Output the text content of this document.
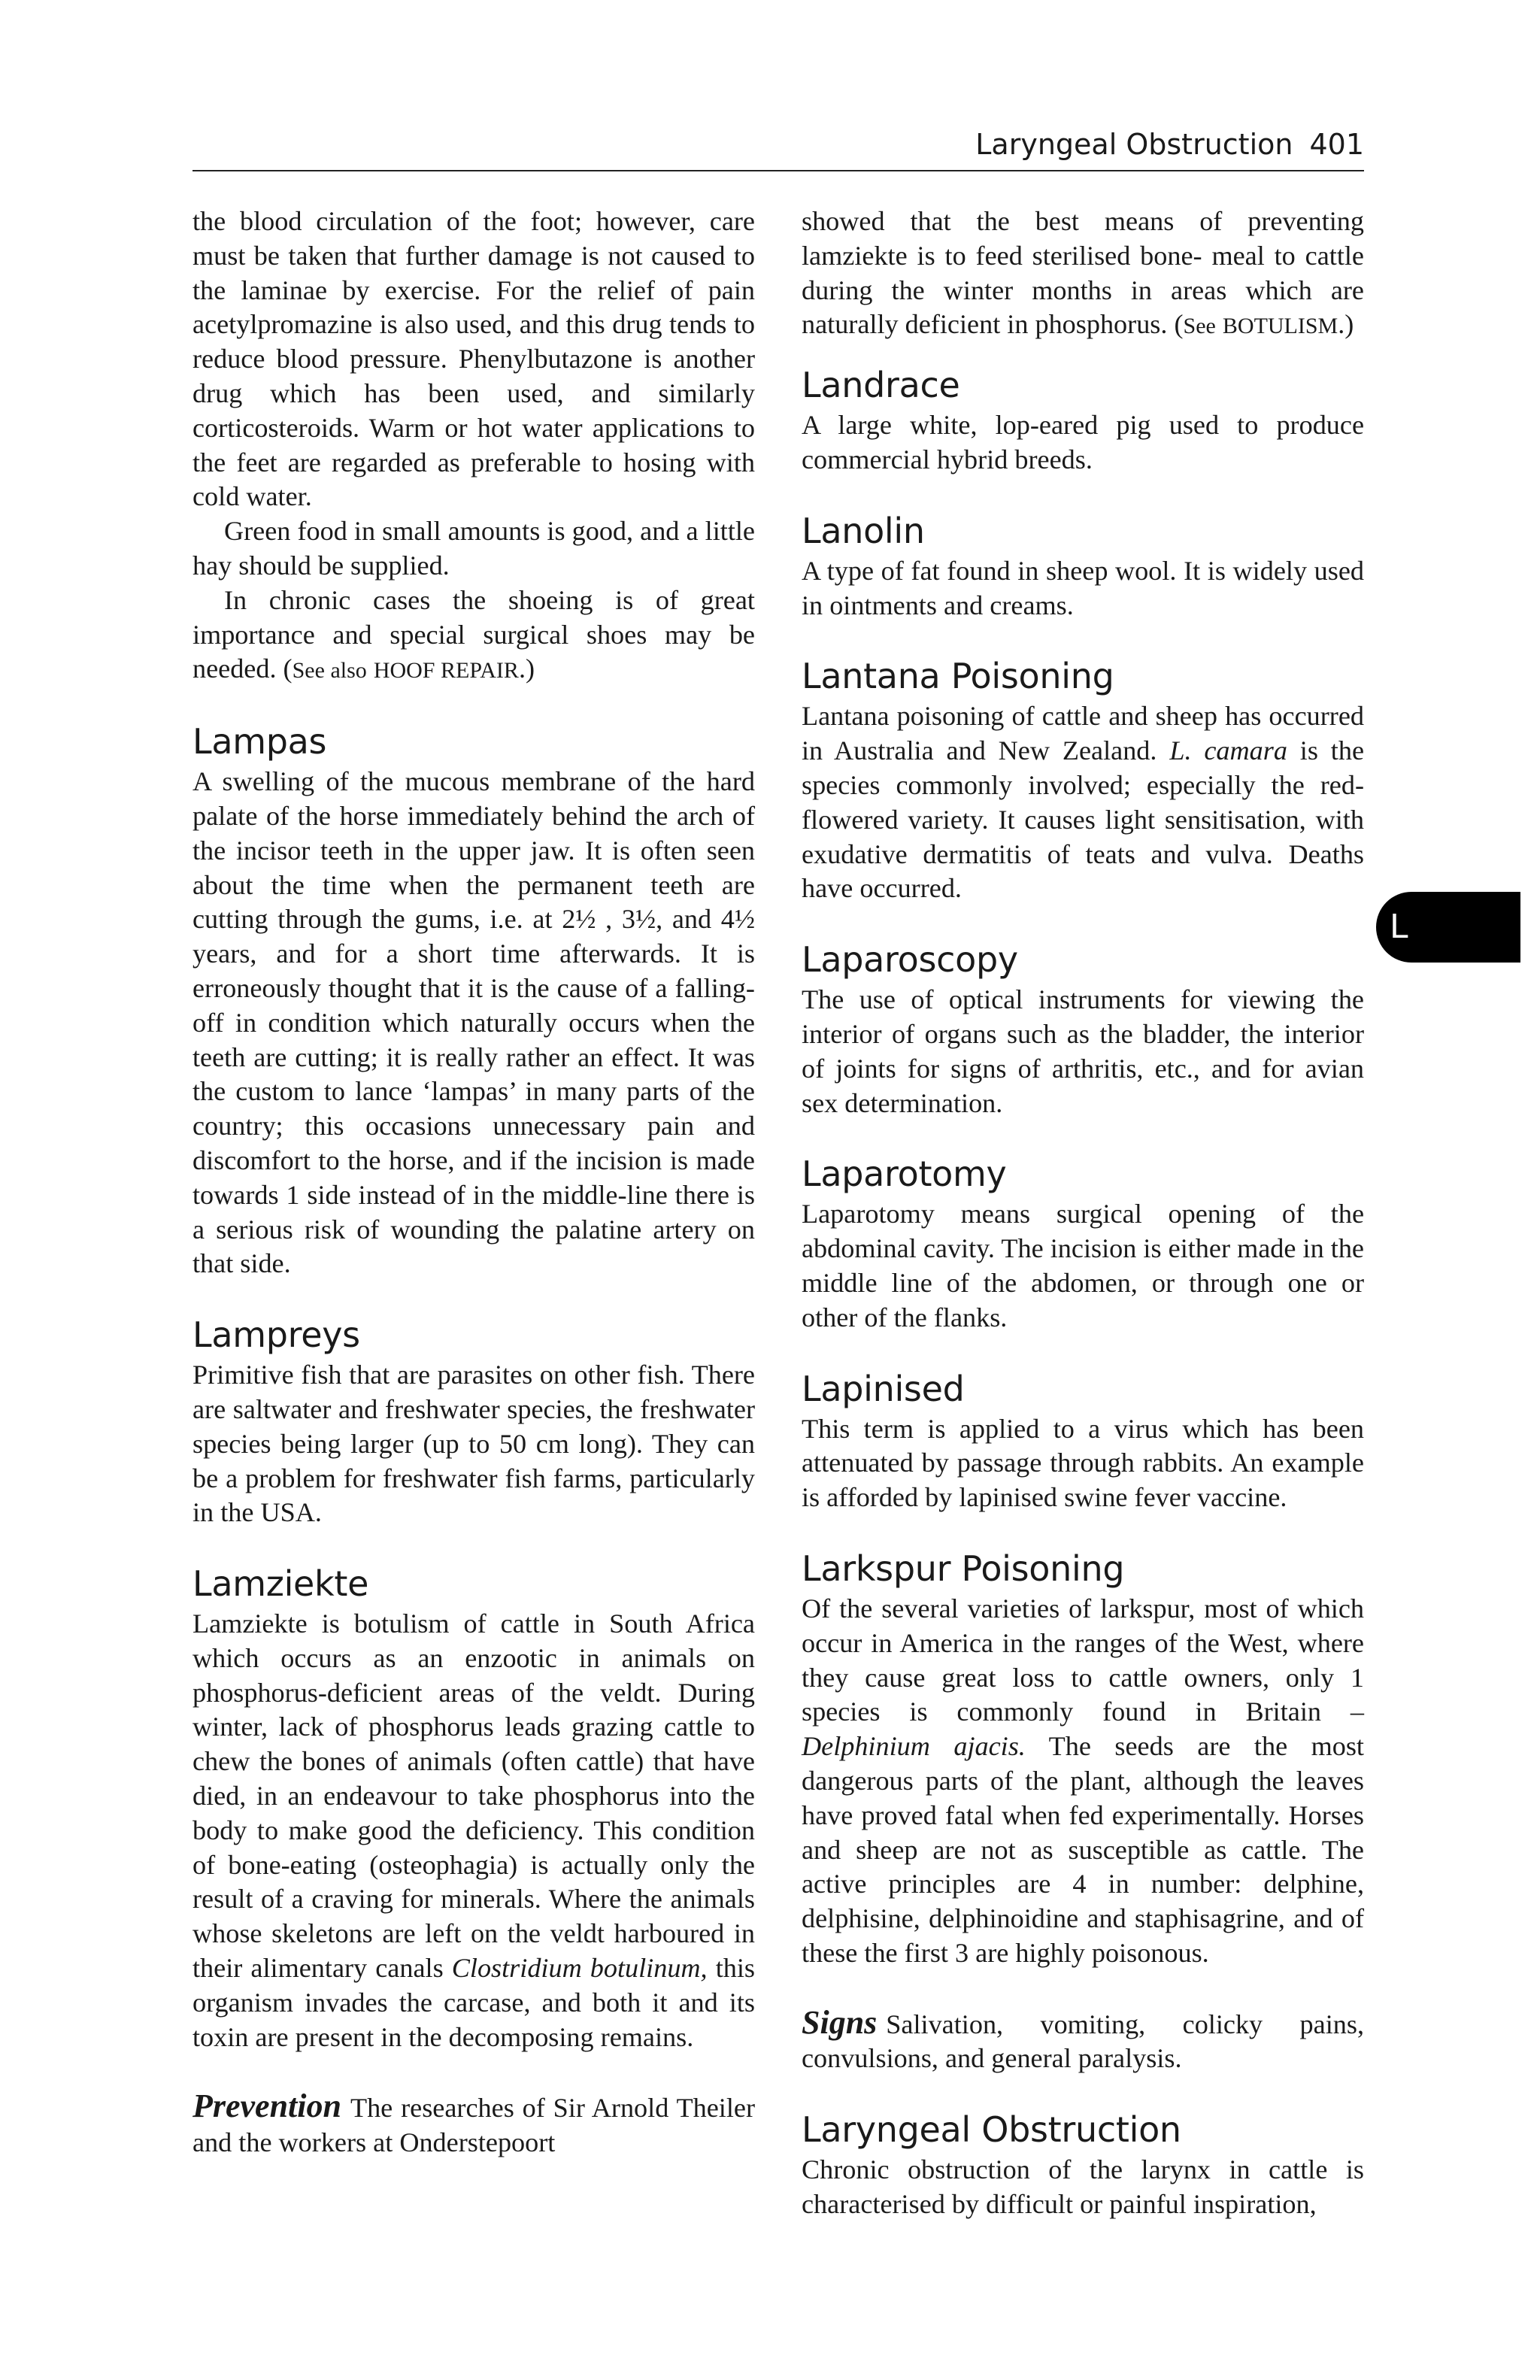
Laryngeal Obstruction 401
L

the blood circulation of the foot; however, care must be taken that further damage is not caused to the laminae by exercise. For the relief of pain acetylpromazine is also used, and this drug tends to reduce blood pressure. Phenylbutazone is another drug which has been used, and similarly corticosteroids. Warm or hot water applications to the feet are regarded as preferable to hosing with cold water.

Green food in small amounts is good, and a little hay should be supplied.

In chronic cases the shoeing is of great importance and special surgical shoes may be needed. (See also HOOF REPAIR.)

Lampas

A swelling of the mucous membrane of the hard palate of the horse immediately behind the arch of the incisor teeth in the upper jaw. It is often seen about the time when the permanent teeth are cutting through the gums, i.e. at 2½ , 3½, and 4½ years, and for a short time afterwards. It is erroneously thought that it is the cause of a falling-off in condition which naturally occurs when the teeth are cutting; it is really rather an effect. It was the custom to lance ‘lampas’ in many parts of the country; this occasions unnecessary pain and discomfort to the horse, and if the incision is made towards 1 side instead of in the middle-line there is a serious risk of wounding the palatine artery on that side.

Lampreys

Primitive fish that are parasites on other fish. There are saltwater and freshwater species, the freshwater species being larger (up to 50 cm long). They can be a problem for freshwater fish farms, particularly in the USA.

Lamziekte

Lamziekte is botulism of cattle in South Africa which occurs as an enzootic in animals on phosphorus-deficient areas of the veldt. During winter, lack of phosphorus leads grazing cattle to chew the bones of animals (often cattle) that have died, in an endeavour to take phosphorus into the body to make good the deficiency. This condition of bone-eating (osteophagia) is actually only the result of a craving for minerals. Where the animals whose skeletons are left on the veldt harboured in their alimentary canals Clostridium botulinum, this organism invades the carcase, and both it and its toxin are present in the decomposing remains.

Prevention The researches of Sir Arnold Theiler and the workers at Onderstepoort

showed that the best means of preventing lamziekte is to feed sterilised bone- meal to cattle during the winter months in areas which are naturally deficient in phosphorus. (See BOTULISM.)

Landrace

A large white, lop-eared pig used to produce commercial hybrid breeds.

Lanolin

A type of fat found in sheep wool. It is widely used in ointments and creams.

Lantana Poisoning

Lantana poisoning of cattle and sheep has occurred in Australia and New Zealand. L. camara is the species commonly involved; especially the red-flowered variety. It causes light sensitisation, with exudative dermatitis of teats and vulva. Deaths have occurred.

Laparoscopy

The use of optical instruments for viewing the interior of organs such as the bladder, the interior of joints for signs of arthritis, etc., and for avian sex determination.

Laparotomy

Laparotomy means surgical opening of the abdominal cavity. The incision is either made in the middle line of the abdomen, or through one or other of the flanks.

Lapinised

This term is applied to a virus which has been attenuated by passage through rabbits. An example is afforded by lapinised swine fever vaccine.

Larkspur Poisoning

Of the several varieties of larkspur, most of which occur in America in the ranges of the West, where they cause great loss to cattle owners, only 1 species is commonly found in Britain – Delphinium ajacis. The seeds are the most dangerous parts of the plant, although the leaves have proved fatal when fed experimentally. Horses and sheep are not as susceptible as cattle. The active principles are 4 in number: delphine, delphisine, delphinoidine and staphisagrine, and of these the first 3 are highly poisonous.

Signs Salivation, vomiting, colicky pains, convulsions, and general paralysis.

Laryngeal Obstruction

Chronic obstruction of the larynx in cattle is characterised by difficult or painful inspiration,
